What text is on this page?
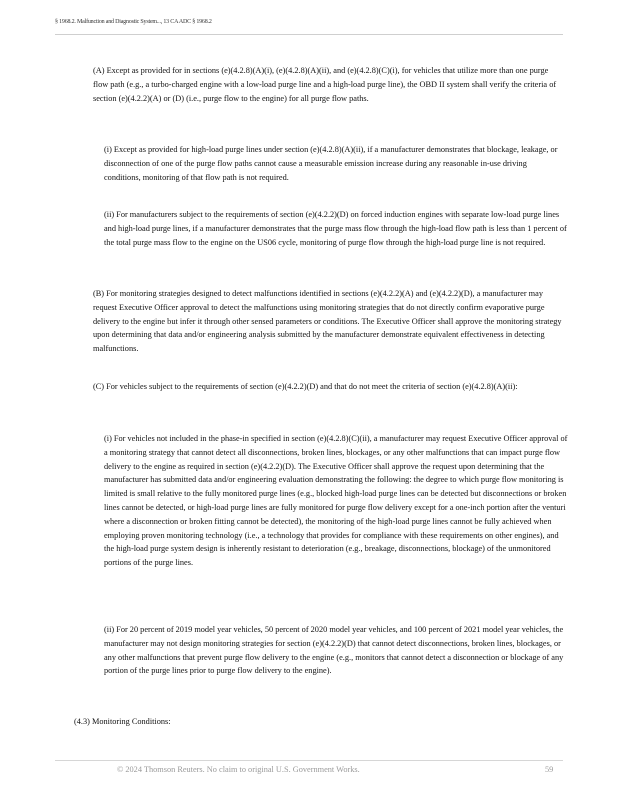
§ 1968.2. Malfunction and Diagnostic System..., 13 CA ADC § 1968.2

(A) Except as provided for in sections (e)(4.2.8)(A)(i), (e)(4.2.8)(A)(ii), and (e)(4.2.8)(C)(i), for vehicles that utilize more than one purge flow path (e.g., a turbo-charged engine with a low-load purge line and a high-load purge line), the OBD II system shall verify the criteria of section (e)(4.2.2)(A) or (D) (i.e., purge flow to the engine) for all purge flow paths.

(i) Except as provided for high-load purge lines under section (e)(4.2.8)(A)(ii), if a manufacturer demonstrates that blockage, leakage, or disconnection of one of the purge flow paths cannot cause a measurable emission increase during any reasonable in-use driving conditions, monitoring of that flow path is not required.

(ii) For manufacturers subject to the requirements of section (e)(4.2.2)(D) on forced induction engines with separate low-load purge lines and high-load purge lines, if a manufacturer demonstrates that the purge mass flow through the high-load flow path is less than 1 percent of the total purge mass flow to the engine on the US06 cycle, monitoring of purge flow through the high-load purge line is not required.

(B) For monitoring strategies designed to detect malfunctions identified in sections (e)(4.2.2)(A) and (e)(4.2.2)(D), a manufacturer may request Executive Officer approval to detect the malfunctions using monitoring strategies that do not directly confirm evaporative purge delivery to the engine but infer it through other sensed parameters or conditions. The Executive Officer shall approve the monitoring strategy upon determining that data and/or engineering analysis submitted by the manufacturer demonstrate equivalent effectiveness in detecting malfunctions.

(C) For vehicles subject to the requirements of section (e)(4.2.2)(D) and that do not meet the criteria of section (e)(4.2.8)(A)(ii):

(i) For vehicles not included in the phase-in specified in section (e)(4.2.8)(C)(ii), a manufacturer may request Executive Officer approval of a monitoring strategy that cannot detect all disconnections, broken lines, blockages, or any other malfunctions that can impact purge flow delivery to the engine as required in section (e)(4.2.2)(D). The Executive Officer shall approve the request upon determining that the manufacturer has submitted data and/or engineering evaluation demonstrating the following: the degree to which purge flow monitoring is limited is small relative to the fully monitored purge lines (e.g., blocked high-load purge lines can be detected but disconnections or broken lines cannot be detected, or high-load purge lines are fully monitored for purge flow delivery except for a one-inch portion after the venturi where a disconnection or broken fitting cannot be detected), the monitoring of the high-load purge lines cannot be fully achieved when employing proven monitoring technology (i.e., a technology that provides for compliance with these requirements on other engines), and the high-load purge system design is inherently resistant to deterioration (e.g., breakage, disconnections, blockage) of the unmonitored portions of the purge lines.

(ii) For 20 percent of 2019 model year vehicles, 50 percent of 2020 model year vehicles, and 100 percent of 2021 model year vehicles, the manufacturer may not design monitoring strategies for section (e)(4.2.2)(D) that cannot detect disconnections, broken lines, blockages, or any other malfunctions that prevent purge flow delivery to the engine (e.g., monitors that cannot detect a disconnection or blockage of any portion of the purge lines prior to purge flow delivery to the engine).

(4.3) Monitoring Conditions:

© 2024 Thomson Reuters. No claim to original U.S. Government Works.	59
